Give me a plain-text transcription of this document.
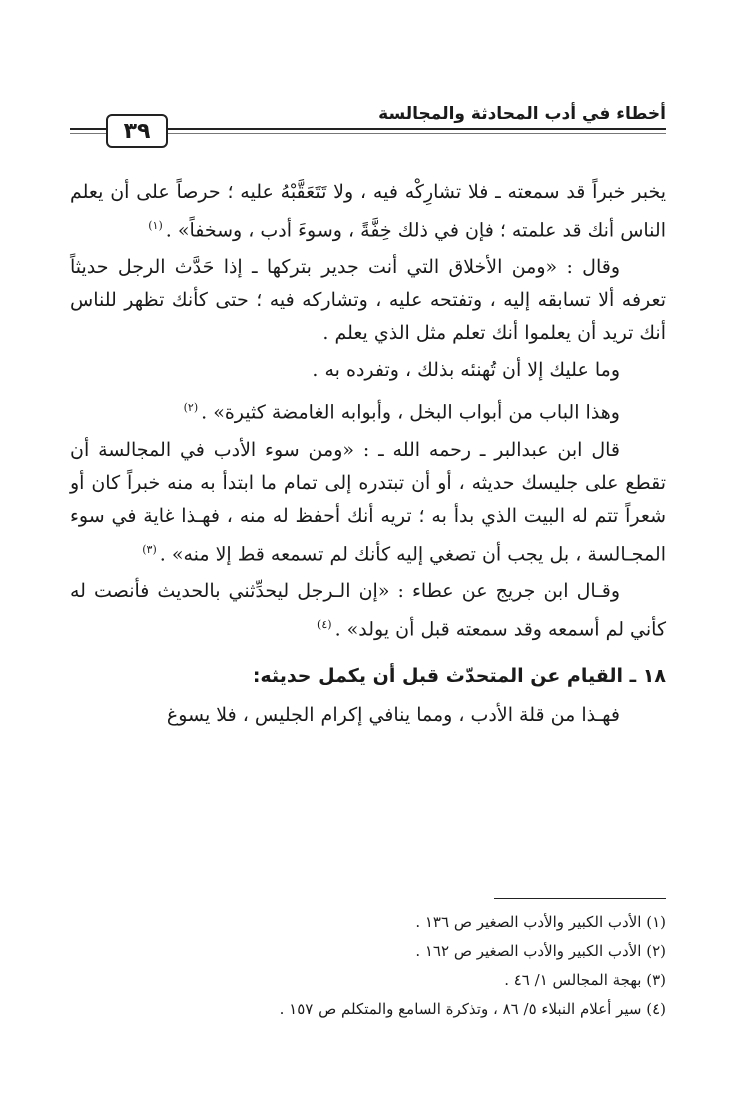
أخطاء في أدب المحادثة والمجالسة
٣٩

يخبر خبراً قد سمعته ـ فلا تشارِكْه فيه ، ولا تَتَعَقَّبْهُ عليه ؛ حرصاً على أن يعلم الناس أنك قد علمته ؛ فإن في ذلك خِفَّةً ، وسوءَ أدب ، وسخفاً» .$^{(١)}$

وقال : «ومن الأخلاق التي أنت جدير بتركها ـ إذا حَدَّث الرجل حديثاً تعرفه ألا تسابقه إليه ، وتفتحه عليه ، وتشاركه فيه ؛ حتى كأنك تظهر للناس أنك تريد أن يعلموا أنك تعلم مثل الذي يعلم .

وما عليك إلا أن تُهنئه بذلك ، وتفرده به .

وهذا الباب من أبواب البخل ، وأبوابه الغامضة كثيرة» .$^{(٢)}$

قال ابن عبدالبر ـ رحمه الله ـ : «ومن سوء الأدب في المجالسة أن تقطع على جليسك حديثه ، أو أن تبتدره إلى تمام ما ابتدأ به منه خبراً كان أو شعراً تتم له البيت الذي بدأ به ؛ تريه أنك أحفظ له منه ، فهـذا غاية في سوء المجـالسة ، بل يجب أن تصغي إليه كأنك لم تسمعه قط إلا منه» .$^{(٣)}$

وقـال ابن جريج عن عطاء : «إن الـرجل ليحدِّثني بالحديث فأنصت له كأني لم أسمعه وقد سمعته قبل أن يولد» .$^{(٤)}$

١٨ ـ القيام عن المتحدّث قبل أن يكمل حديثه:

فهـذا من قلة الأدب ، ومما ينافي إكرام الجليس ، فلا يسوغ

(١) الأدب الكبير والأدب الصغير ص ١٣٦ .

(٢) الأدب الكبير والأدب الصغير ص ١٦٢ .

(٣) بهجة المجالس ١/ ٤٦ .

(٤) سير أعلام النبلاء ٥/ ٨٦ ، وتذكرة السامع والمتكلم ص ١٥٧ .
